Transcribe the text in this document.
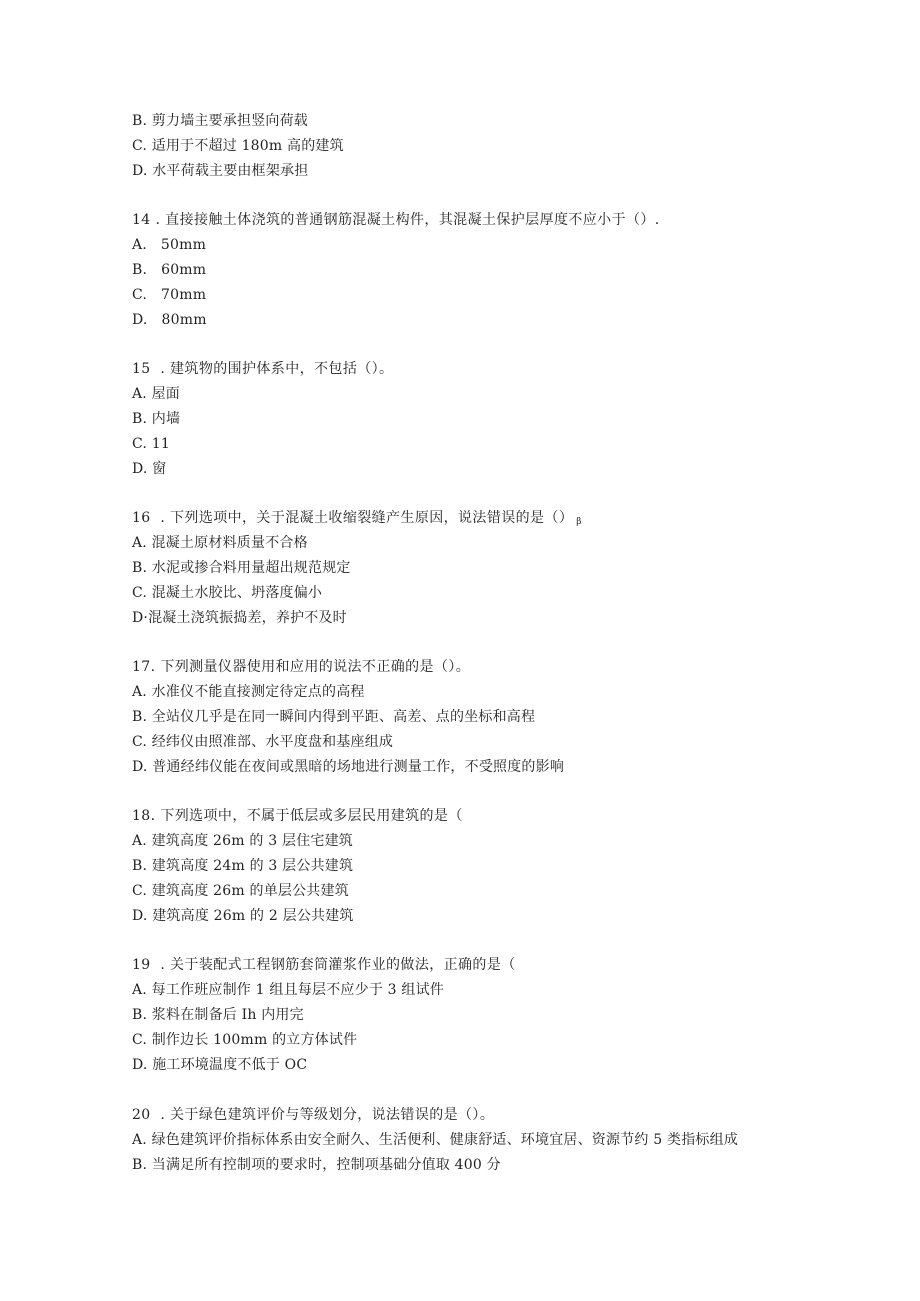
B. 剪力墙主要承担竖向荷载
C. 适用于不超过 180m 高的建筑
D. 水平荷载主要由框架承担
14 . 直接接触土体浇筑的普通钢筋混凝土构件，其混凝土保护层厚度不应小于（）.
A.   50mm
B.   60mm
C.   70mm
D.   80mm
15  . 建筑物的围护体系中，不包括（）。
A. 屋面
B. 内墙
C. 11
D. 窗
16  . 下列选项中，关于混凝土收缩裂缝产生原因，说法错误的是（） $_\beta$
A. 混凝土原材料质量不合格
B. 水泥或掺合料用量超出规范规定
C. 混凝土水胶比、坍落度偏小
D·混凝土浇筑振捣差，养护不及时
17. 下列测量仪器使用和应用的说法不正确的是（）。
A. 水准仪不能直接测定待定点的高程
B. 全站仪几乎是在同一瞬间内得到平距、高差、点的坐标和高程
C. 经纬仪由照准部、水平度盘和基座组成
D. 普通经纬仪能在夜间或黑暗的场地进行测量工作，不受照度的影响
18. 下列选项中，不属于低层或多层民用建筑的是（
A. 建筑高度 26m 的 3 层住宅建筑
B. 建筑高度 24m 的 3 层公共建筑
C. 建筑高度 26m 的单层公共建筑
D. 建筑高度 26m 的 2 层公共建筑
19  . 关于装配式工程钢筋套筒灌浆作业的做法，正确的是（
A. 每工作班应制作 1 组且每层不应少于 3 组试件
B. 浆料在制备后 Ih 内用完
C. 制作边长 100mm 的立方体试件
D. 施工环境温度不低于 OC
20  . 关于绿色建筑评价与等级划分，说法错误的是（）。
A. 绿色建筑评价指标体系由安全耐久、生活便利、健康舒适、环境宜居、资源节约 5 类指标组成
B. 当满足所有控制项的要求时，控制项基础分值取 400 分
